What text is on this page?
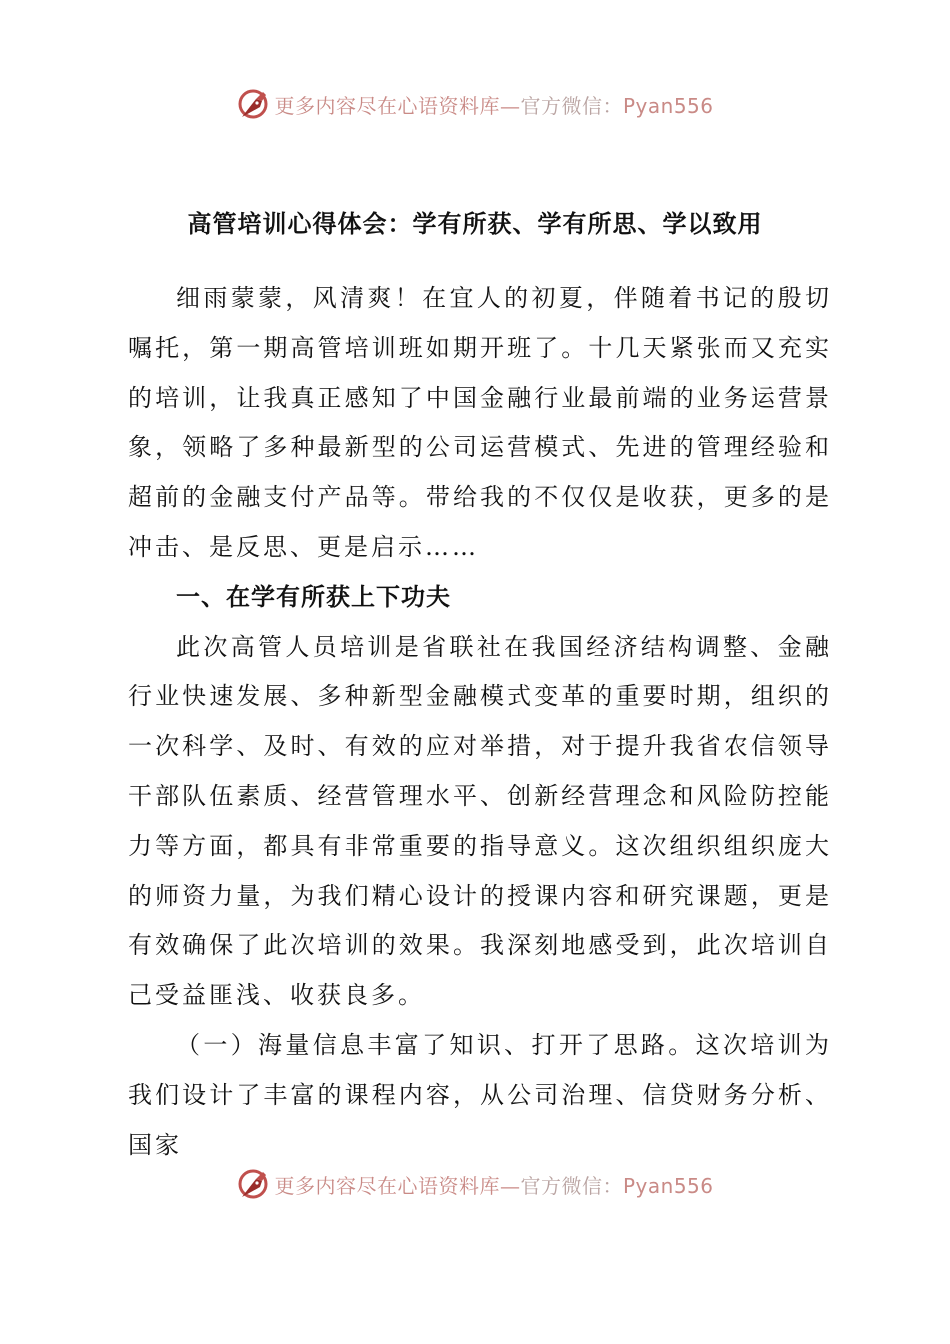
更多内容尽在心语资料库—官方微信：Pyan556
高管培训心得体会：学有所获、学有所思、学以致用

细雨蒙蒙，风清爽！在宜人的初夏，伴随着书记的殷切嘱托，第一期高管培训班如期开班了。十几天紧张而又充实的培训，让我真正感知了中国金融行业最前端的业务运营景象，领略了多种最新型的公司运营模式、先进的管理经验和超前的金融支付产品等。带给我的不仅仅是收获，更多的是冲击、是反思、更是启示……

一、在学有所获上下功夫

此次高管人员培训是省联社在我国经济结构调整、金融行业快速发展、多种新型金融模式变革的重要时期，组织的一次科学、及时、有效的应对举措，对于提升我省农信领导干部队伍素质、经营管理水平、创新经营理念和风险防控能力等方面，都具有非常重要的指导意义。这次组织组织庞大的师资力量，为我们精心设计的授课内容和研究课题，更是有效确保了此次培训的效果。我深刻地感受到，此次培训自己受益匪浅、收获良多。

（一）海量信息丰富了知识、打开了思路。这次培训为我们设计了丰富的课程内容，从公司治理、信贷财务分析、国家

更多内容尽在心语资料库—官方微信：Pyan556
